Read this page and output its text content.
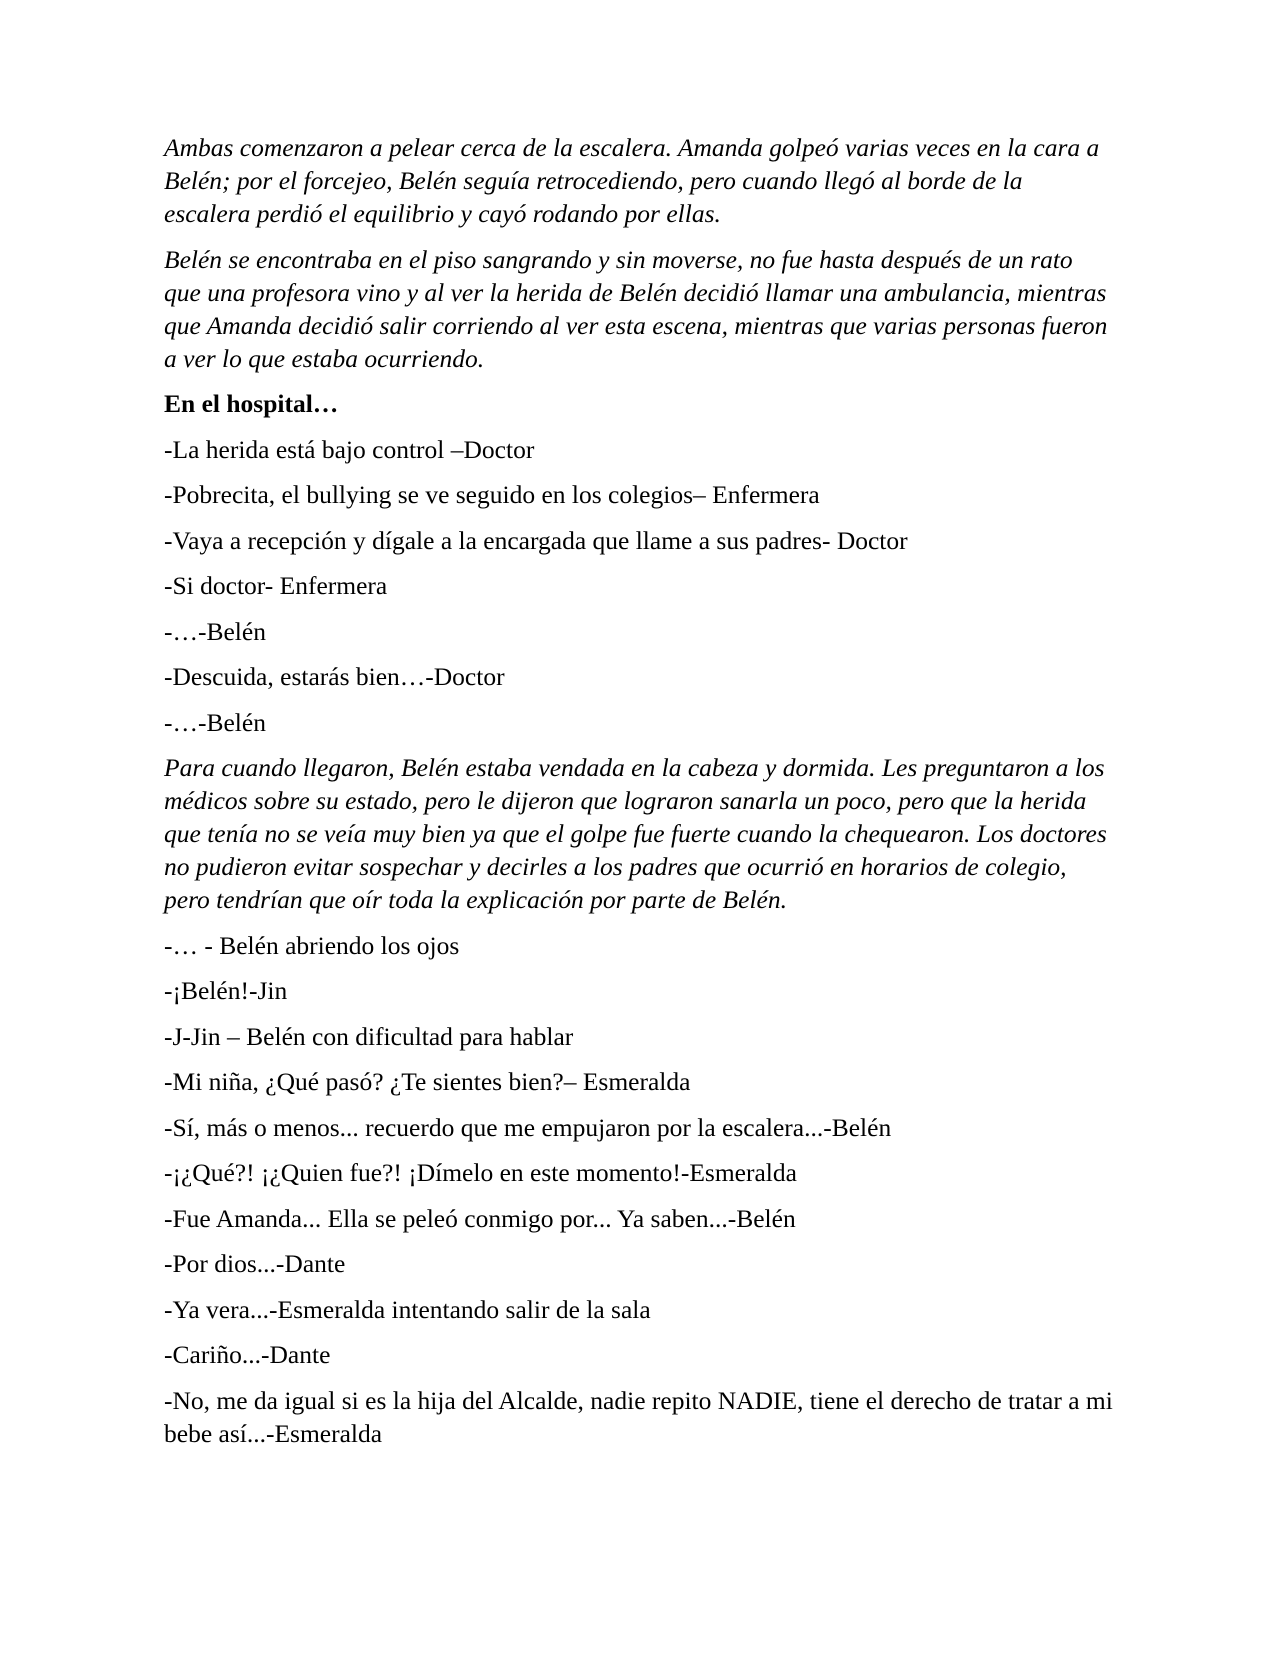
Ambas comenzaron a pelear cerca de la escalera. Amanda golpeó varias veces en la cara a Belén; por el forcejeo, Belén seguía retrocediendo, pero cuando llegó al borde de la escalera perdió el equilibrio y cayó rodando por ellas.

Belén se encontraba en el piso sangrando y sin moverse, no fue hasta después de un rato que una profesora vino y al ver la herida de Belén decidió llamar una ambulancia, mientras que Amanda decidió salir corriendo al ver esta escena, mientras que varias personas fueron a ver lo que estaba ocurriendo.

En el hospital…

-La herida está bajo control –Doctor

-Pobrecita, el bullying se ve seguido en los colegios– Enfermera

-Vaya a recepción y dígale a la encargada que llame a sus padres- Doctor

-Si doctor- Enfermera

-…-Belén

-Descuida, estarás bien…-Doctor

-…-Belén

Para cuando llegaron, Belén estaba vendada en la cabeza y dormida. Les preguntaron a los médicos sobre su estado, pero le dijeron que lograron sanarla un poco, pero que la herida que tenía no se veía muy bien ya que el golpe fue fuerte cuando la chequearon. Los doctores no pudieron evitar sospechar y decirles a los padres que ocurrió en horarios de colegio, pero tendrían que oír toda la explicación por parte de Belén.

-… - Belén abriendo los ojos

-¡Belén!-Jin

-J-Jin – Belén con dificultad para hablar

-Mi niña, ¿Qué pasó? ¿Te sientes bien?– Esmeralda

-Sí, más o menos... recuerdo que me empujaron por la escalera...-Belén

-¡¿Qué?! ¡¿Quien fue?! ¡Dímelo en este momento!-Esmeralda

-Fue Amanda... Ella se peleó conmigo por... Ya saben...-Belén

-Por dios...-Dante

-Ya vera...-Esmeralda intentando salir de la sala

-Cariño...-Dante

-No, me da igual si es la hija del Alcalde, nadie repito NADIE, tiene el derecho de tratar a mi bebe así...-Esmeralda
